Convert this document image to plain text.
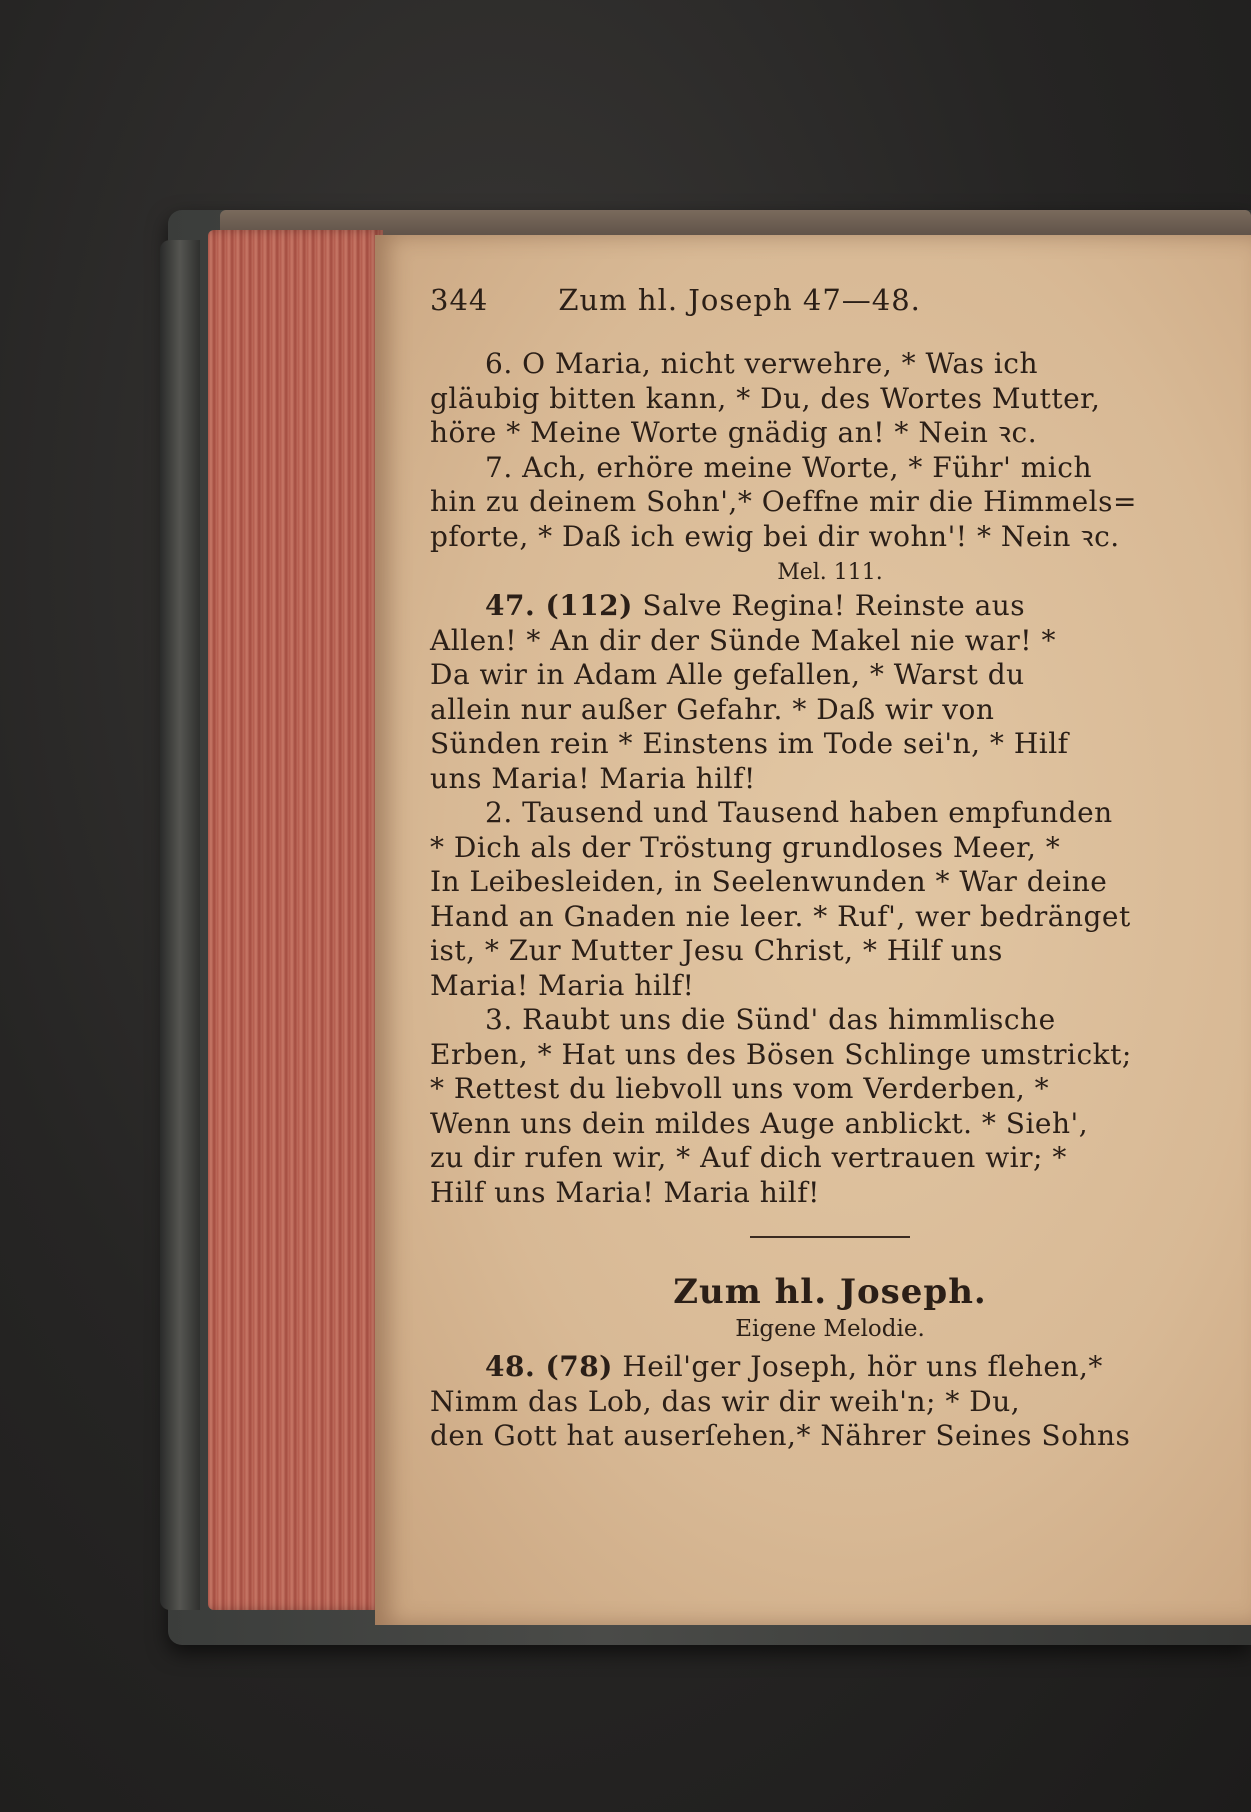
344 Zum hl. Joseph 47—48.
6. O Maria, nicht verwehre, * Was ich
gläubig bitten kann, * Du, des Wortes Mutter,
höre * Meine Worte gnädig an! * Nein ꝛc.
7. Ach, erhöre meine Worte, * Führ' mich
hin zu deinem Sohn',* Oeffne mir die Himmels=
pforte, * Daß ich ewig bei dir wohn'! * Nein ꝛc.
Mel. 111.
47. (112) Salve Regina! Reinste aus
Allen! * An dir der Sünde Makel nie war! *
Da wir in Adam Alle gefallen, * Warst du
allein nur außer Gefahr. * Daß wir von
Sünden rein * Einstens im Tode sei'n, * Hilf
uns Maria! Maria hilf!
2. Tausend und Tausend haben empfunden
* Dich als der Tröstung grundloses Meer, *
In Leibesleiden, in Seelenwunden * War deine
Hand an Gnaden nie leer. * Ruf', wer bedränget
ist, * Zur Mutter Jesu Christ, * Hilf uns
Maria! Maria hilf!
3. Raubt uns die Sünd' das himmlische
Erben, * Hat uns des Bösen Schlinge umstrickt;
* Rettest du liebvoll uns vom Verderben, *
Wenn uns dein mildes Auge anblickt. * Sieh',
zu dir rufen wir, * Auf dich vertrauen wir; *
Hilf uns Maria! Maria hilf!
Zum hl. Joseph.
Eigene Melodie.
48. (78) Heil'ger Joseph, hör uns flehen,*
Nimm das Lob, das wir dir weih'n; * Du,
den Gott hat auserſehen,* Nährer Seines Sohns
